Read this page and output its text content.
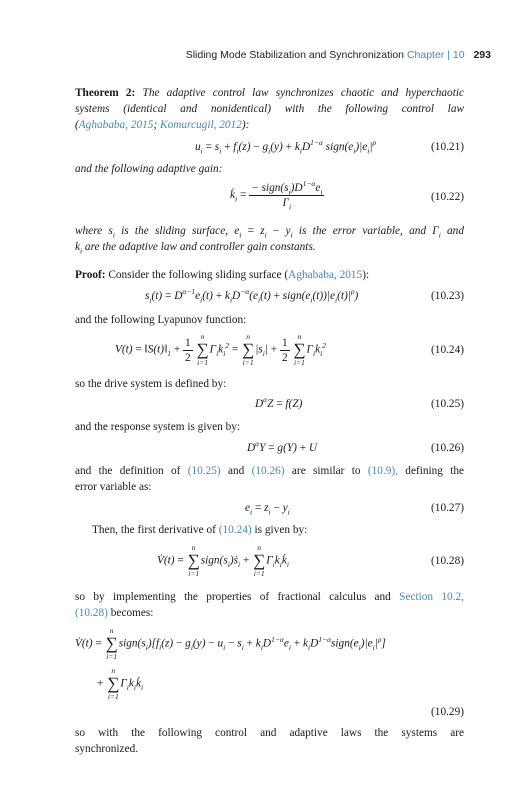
Sliding Mode Stabilization and Synchronization Chapter | 10 293
Theorem 2: The adaptive control law synchronizes chaotic and hyperchaotic
systems (identical and nonidentical) with the following control law
(Aghababa, 2015; Komurcugil, 2012):
$u_i = s_i + f_i(z) - g_i(y) + k_iD^{1-\alpha}$ $sign(e_i)|e_i|^\rho$	(10.21)
and the following adaptive gain:
$k̇_i = \frac{- sign(s_i)D^{1-\alpha}e_i}{\Gamma_i}$	(10.22)
where $s_i$ is the sliding surface, $e_i = z_i - y_i$ is the error variable, and $\Gamma_i$ and
$k_i$ are the adaptive law and controller gain constants.
Proof: Consider the following sliding surface (Aghababa, 2015):
$s_i(t) = D^{\alpha-1}e_i(t) + k_iD^{-\alpha}(e_i(t)$ + $sign(e_i(t))|e_i(t)|^\rho$)	(10.23)
and the following Lyapunov function:
$V(t) = ‖S(t)‖_1 + \frac{1}{2}$
	n
∑
i=1
$\Gamma_ik_i^2$ =
n
∑
i=1
$|s_i| + \frac{1}{2}$
	n
∑
i=1
$\Gamma_ik_i^2$	(10.24)
so the drive system is defined by:
$D^\alpha Z = f(Z)$	(10.25)
and the response system is given by:
$D^\alpha Y = g(Y) + U$	(10.26)
and the definition of (10.25) and (10.26) are similar to (10.9), defining the
error variable as:
$e_i = z_i - y_i$	(10.27)
Then, the first derivative of (10.24) is given by:
V̇(t) =
n
∑
i=1
$sign(s_i)ṡ_i$ +
n
∑
i=1
$\Gamma_ik_ik̇_i$	(10.28)
so by implementing the properties of fractional calculus and Section 10.2,
(10.28) becomes:
V̇(t) =
n
∑
i=1
$sign(s_i)[f_i(z) - g_i(y) - u_i - s_i + k_iD^{1-\alpha}e_i$ + $k_iD^{1-\alpha}sign(e_i)|e_i|^\rho$]
+
n
∑
i=1
$\Gamma_ik_ik̇_i$
(10.29)
so with the following control and adaptive laws the systems are
synchronized.
